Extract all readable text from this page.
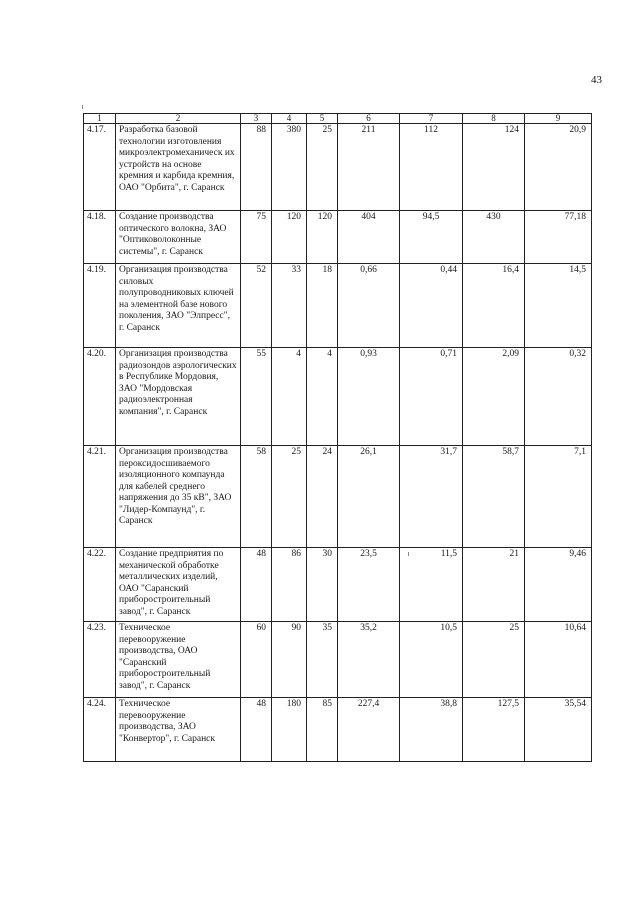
43
1	2	3	4	5	6	7	8	9
4.17.	Разработка базовой технологии изготовления микроэлектромеханическ их устройств на основе кремния и карбида кремния, ОАО "Орбита", г. Саранск	88	380	25	211	112	124	20,9
4.18.	Создание производства оптического волокна, ЗАО "Оптиковолоконные системы", г. Саранск	75	120	120	404	94,5	430	77,18
4.19.	Организация производства силовых полупроводниковых ключей на элементной базе нового поколения, ЗАО "Элпресс", г. Саранск	52	33	18	0,66	0,44	16,4	14,5
4.20.	Организация производства радиозондов аэрологических в Республике Мордовия, ЗАО "Мордовская радиоэлектронная компания", г. Саранск	55	4	4	0,93	0,71	2,09	0,32
4.21.	Организация производства пероксидосшиваемого изоляционного компаунда для кабелей среднего напряжения до 35 кВ", ЗАО "Лидер-Компаунд", г. Саранск	58	25	24	26,1	31,7	58,7	7,1
4.22.	Создание предприятия по механической обработке металлических изделий, ОАО "Саранский приборостроительный завод", г. Саранск	48	86	30	23,5	11,5	21	9,46
4.23.	Техническое перевооружение производства, ОАО "Саранский приборостроительный завод", г. Саранск	60	90	35	35,2	10,5	25	10,64
4.24.	Техническое перевооружение производства, ЗАО "Конвертор", г. Саранск	48	180	85	227,4	38,8	127,5	35,54
